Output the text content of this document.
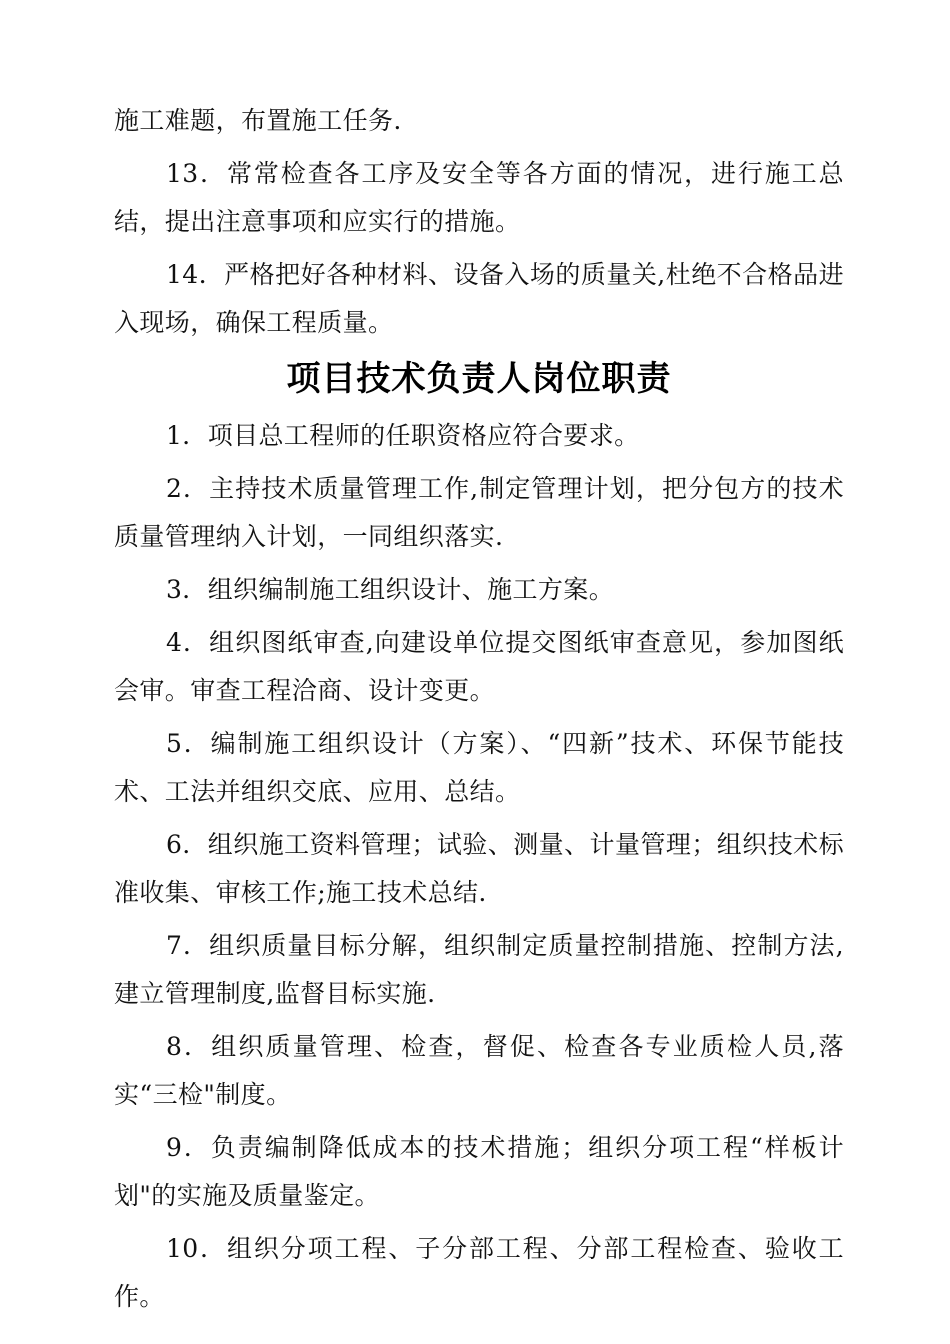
施工难题，布置施工任务.

13．常常检查各工序及安全等各方面的情况，进行施工总结，提出注意事项和应实行的措施。

14．严格把好各种材料、设备入场的质量关,杜绝不合格品进入现场，确保工程质量。

项目技术负责人岗位职责

1．项目总工程师的任职资格应符合要求。

2．主持技术质量管理工作,制定管理计划，把分包方的技术质量管理纳入计划，一同组织落实.

3．组织编制施工组织设计、施工方案。

4．组织图纸审查,向建设单位提交图纸审查意见，参加图纸会审。审查工程洽商、设计变更。

5．编制施工组织设计（方案）、“四新”技术、环保节能技术、工法并组织交底、应用、总结。

6．组织施工资料管理；试验、测量、计量管理；组织技术标准收集、审核工作;施工技术总结.

7．组织质量目标分解，组织制定质量控制措施、控制方法,建立管理制度,监督目标实施.

8．组织质量管理、检查，督促、检查各专业质检人员,落实“三检"制度。

9．负责编制降低成本的技术措施；组织分项工程“样板计划"的实施及质量鉴定。

10．组织分项工程、子分部工程、分部工程检查、验收工作。
